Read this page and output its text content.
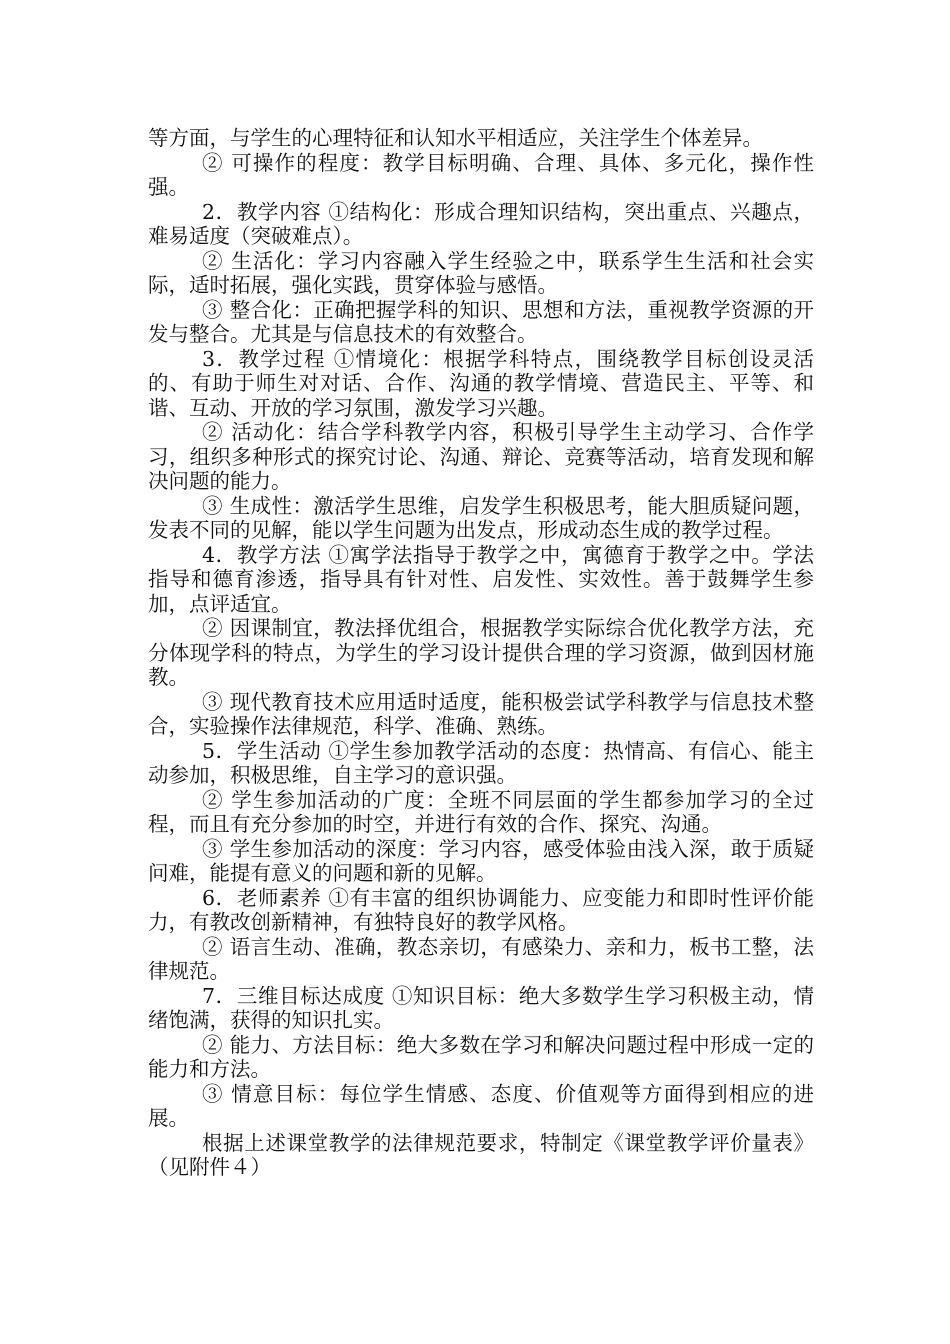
等方面，与学生的心理特征和认知水平相适应，关注学生个体差异。

② 可操作的程度：教学目标明确、合理、具体、多元化，操作性强。

2．教学内容 ①结构化：形成合理知识结构，突出重点、兴趣点，难易适度（突破难点）。

② 生活化：学习内容融入学生经验之中，联系学生生活和社会实际，适时拓展，强化实践，贯穿体验与感悟。

③ 整合化：正确把握学科的知识、思想和方法，重视教学资源的开发与整合。尤其是与信息技术的有效整合。

3．教学过程 ①情境化：根据学科特点，围绕教学目标创设灵活的、有助于师生对对话、合作、沟通的教学情境、营造民主、平等、和谐、互动、开放的学习氛围，激发学习兴趣。

② 活动化：结合学科教学内容，积极引导学生主动学习、合作学习，组织多种形式的探究讨论、沟通、辩论、竞赛等活动，培育发现和解决问题的能力。

③ 生成性：激活学生思维，启发学生积极思考，能大胆质疑问题，发表不同的见解，能以学生问题为出发点，形成动态生成的教学过程。

4．教学方法 ①寓学法指导于教学之中，寓德育于教学之中。学法指导和德育渗透，指导具有针对性、启发性、实效性。善于鼓舞学生参加，点评适宜。

② 因课制宜，教法择优组合，根据教学实际综合优化教学方法，充分体现学科的特点，为学生的学习设计提供合理的学习资源，做到因材施教。

③ 现代教育技术应用适时适度，能积极尝试学科教学与信息技术整合，实验操作法律规范，科学、准确、熟练。

5．学生活动 ①学生参加教学活动的态度：热情高、有信心、能主动参加，积极思维，自主学习的意识强。

② 学生参加活动的广度：全班不同层面的学生都参加学习的全过程，而且有充分参加的时空，并进行有效的合作、探究、沟通。

③ 学生参加活动的深度：学习内容，感受体验由浅入深，敢于质疑问难，能提有意义的问题和新的见解。

6．老师素养 ①有丰富的组织协调能力、应变能力和即时性评价能力，有教改创新精神，有独特良好的教学风格。

② 语言生动、准确，教态亲切，有感染力、亲和力，板书工整，法律规范。

7．三维目标达成度 ①知识目标：绝大多数学生学习积极主动，情绪饱满，获得的知识扎实。

② 能力、方法目标：绝大多数在学习和解决问题过程中形成一定的能力和方法。

③ 情意目标：每位学生情感、态度、价值观等方面得到相应的进展。

根据上述课堂教学的法律规范要求，特制定《课堂教学评价量表》（见附件４）
